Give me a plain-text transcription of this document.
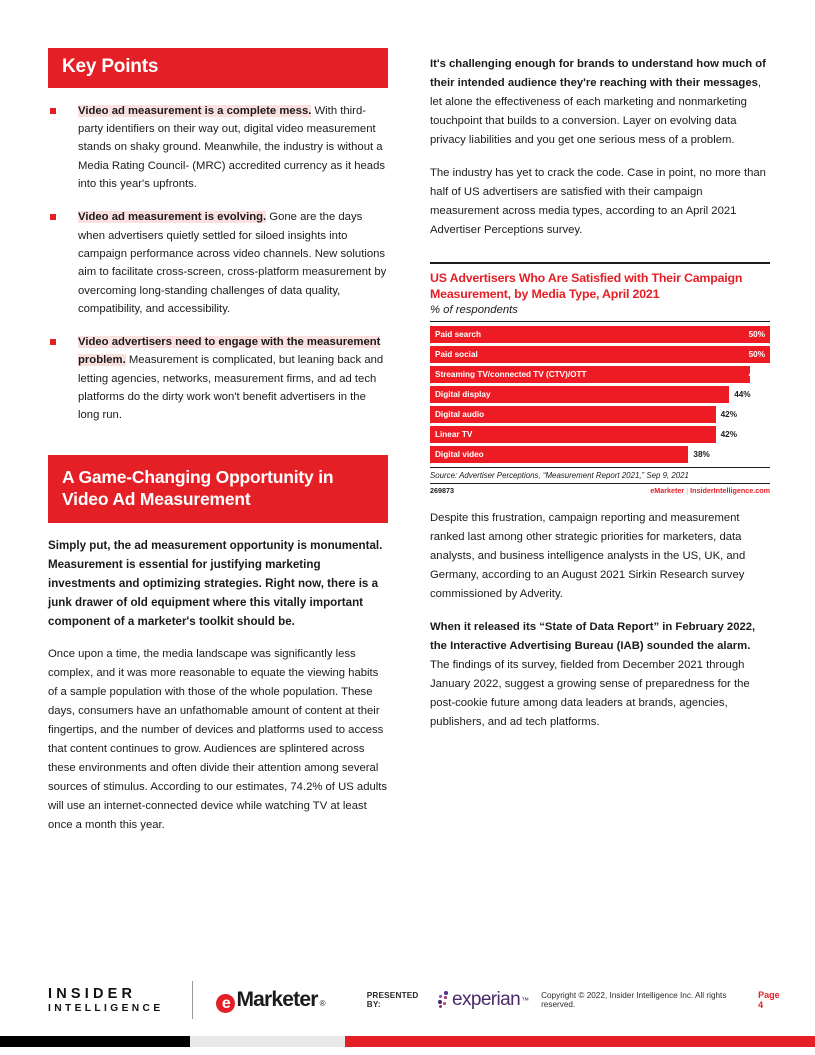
Key Points
Video ad measurement is a complete mess. With third-party identifiers on their way out, digital video measurement stands on shaky ground. Meanwhile, the industry is without a Media Rating Council- (MRC) accredited currency as it heads into this year's upfronts.
Video ad measurement is evolving. Gone are the days when advertisers quietly settled for siloed insights into campaign performance across video channels. New solutions aim to facilitate cross-screen, cross-platform measurement by overcoming long-standing challenges of data quality, compatibility, and accessibility.
Video advertisers need to engage with the measurement problem. Measurement is complicated, but leaning back and letting agencies, networks, measurement firms, and ad tech platforms do the dirty work won't benefit advertisers in the long run.
A Game-Changing Opportunity in Video Ad Measurement

Simply put, the ad measurement opportunity is monumental. Measurement is essential for justifying marketing investments and optimizing strategies. Right now, there is a junk drawer of old equipment where this vitally important component of a marketer's toolkit should be.

Once upon a time, the media landscape was significantly less complex, and it was more reasonable to equate the viewing habits of a sample population with those of the whole population. These days, consumers have an unfathomable amount of content at their fingertips, and the number of devices and platforms used to access that content continues to grow. Audiences are splintered across these environments and often divide their attention among several sources of stimulus. According to our estimates, 74.2% of US adults will use an internet-connected device while watching TV at least once a month this year.

It's challenging enough for brands to understand how much of their intended audience they're reaching with their messages, let alone the effectiveness of each marketing and nonmarketing touchpoint that builds to a conversion. Layer on evolving data privacy liabilities and you get one serious mess of a problem.

The industry has yet to crack the code. Case in point, no more than half of US advertisers are satisfied with their campaign measurement across media types, according to an April 2021 Advertiser Perceptions survey.

US Advertisers Who Are Satisfied with Their Campaign Measurement, by Media Type, April 2021
% of respondents
Paid search	50%
Paid social	50%
Streaming TV/connected TV (CTV)/OTT	47%
Digital display	44%
Digital audio	42%
Linear TV	42%
Digital video	38%
Source: Advertiser Perceptions, “Measurement Report 2021,” Sep 9, 2021
269873	eMarketer | InsiderIntelligence.com

Despite this frustration, campaign reporting and measurement ranked last among other strategic priorities for marketers, data analysts, and business intelligence analysts in the US, UK, and Germany, according to an August 2021 Sirkin Research survey commissioned by Adverity.

When it released its “State of Data Report” in February 2022, the Interactive Advertising Bureau (IAB) sounded the alarm. The findings of its survey, fielded from December 2021 through January 2022, suggest a growing sense of preparedness for the post-cookie future among data leaders at brands, agencies, publishers, and ad tech platforms.

INSIDER
INTELLIGENCE	e Marketer ®
PRESENTED BY:	experian ™ Copyright © 2022, Insider Intelligence Inc. All rights reserved.
Page 4
